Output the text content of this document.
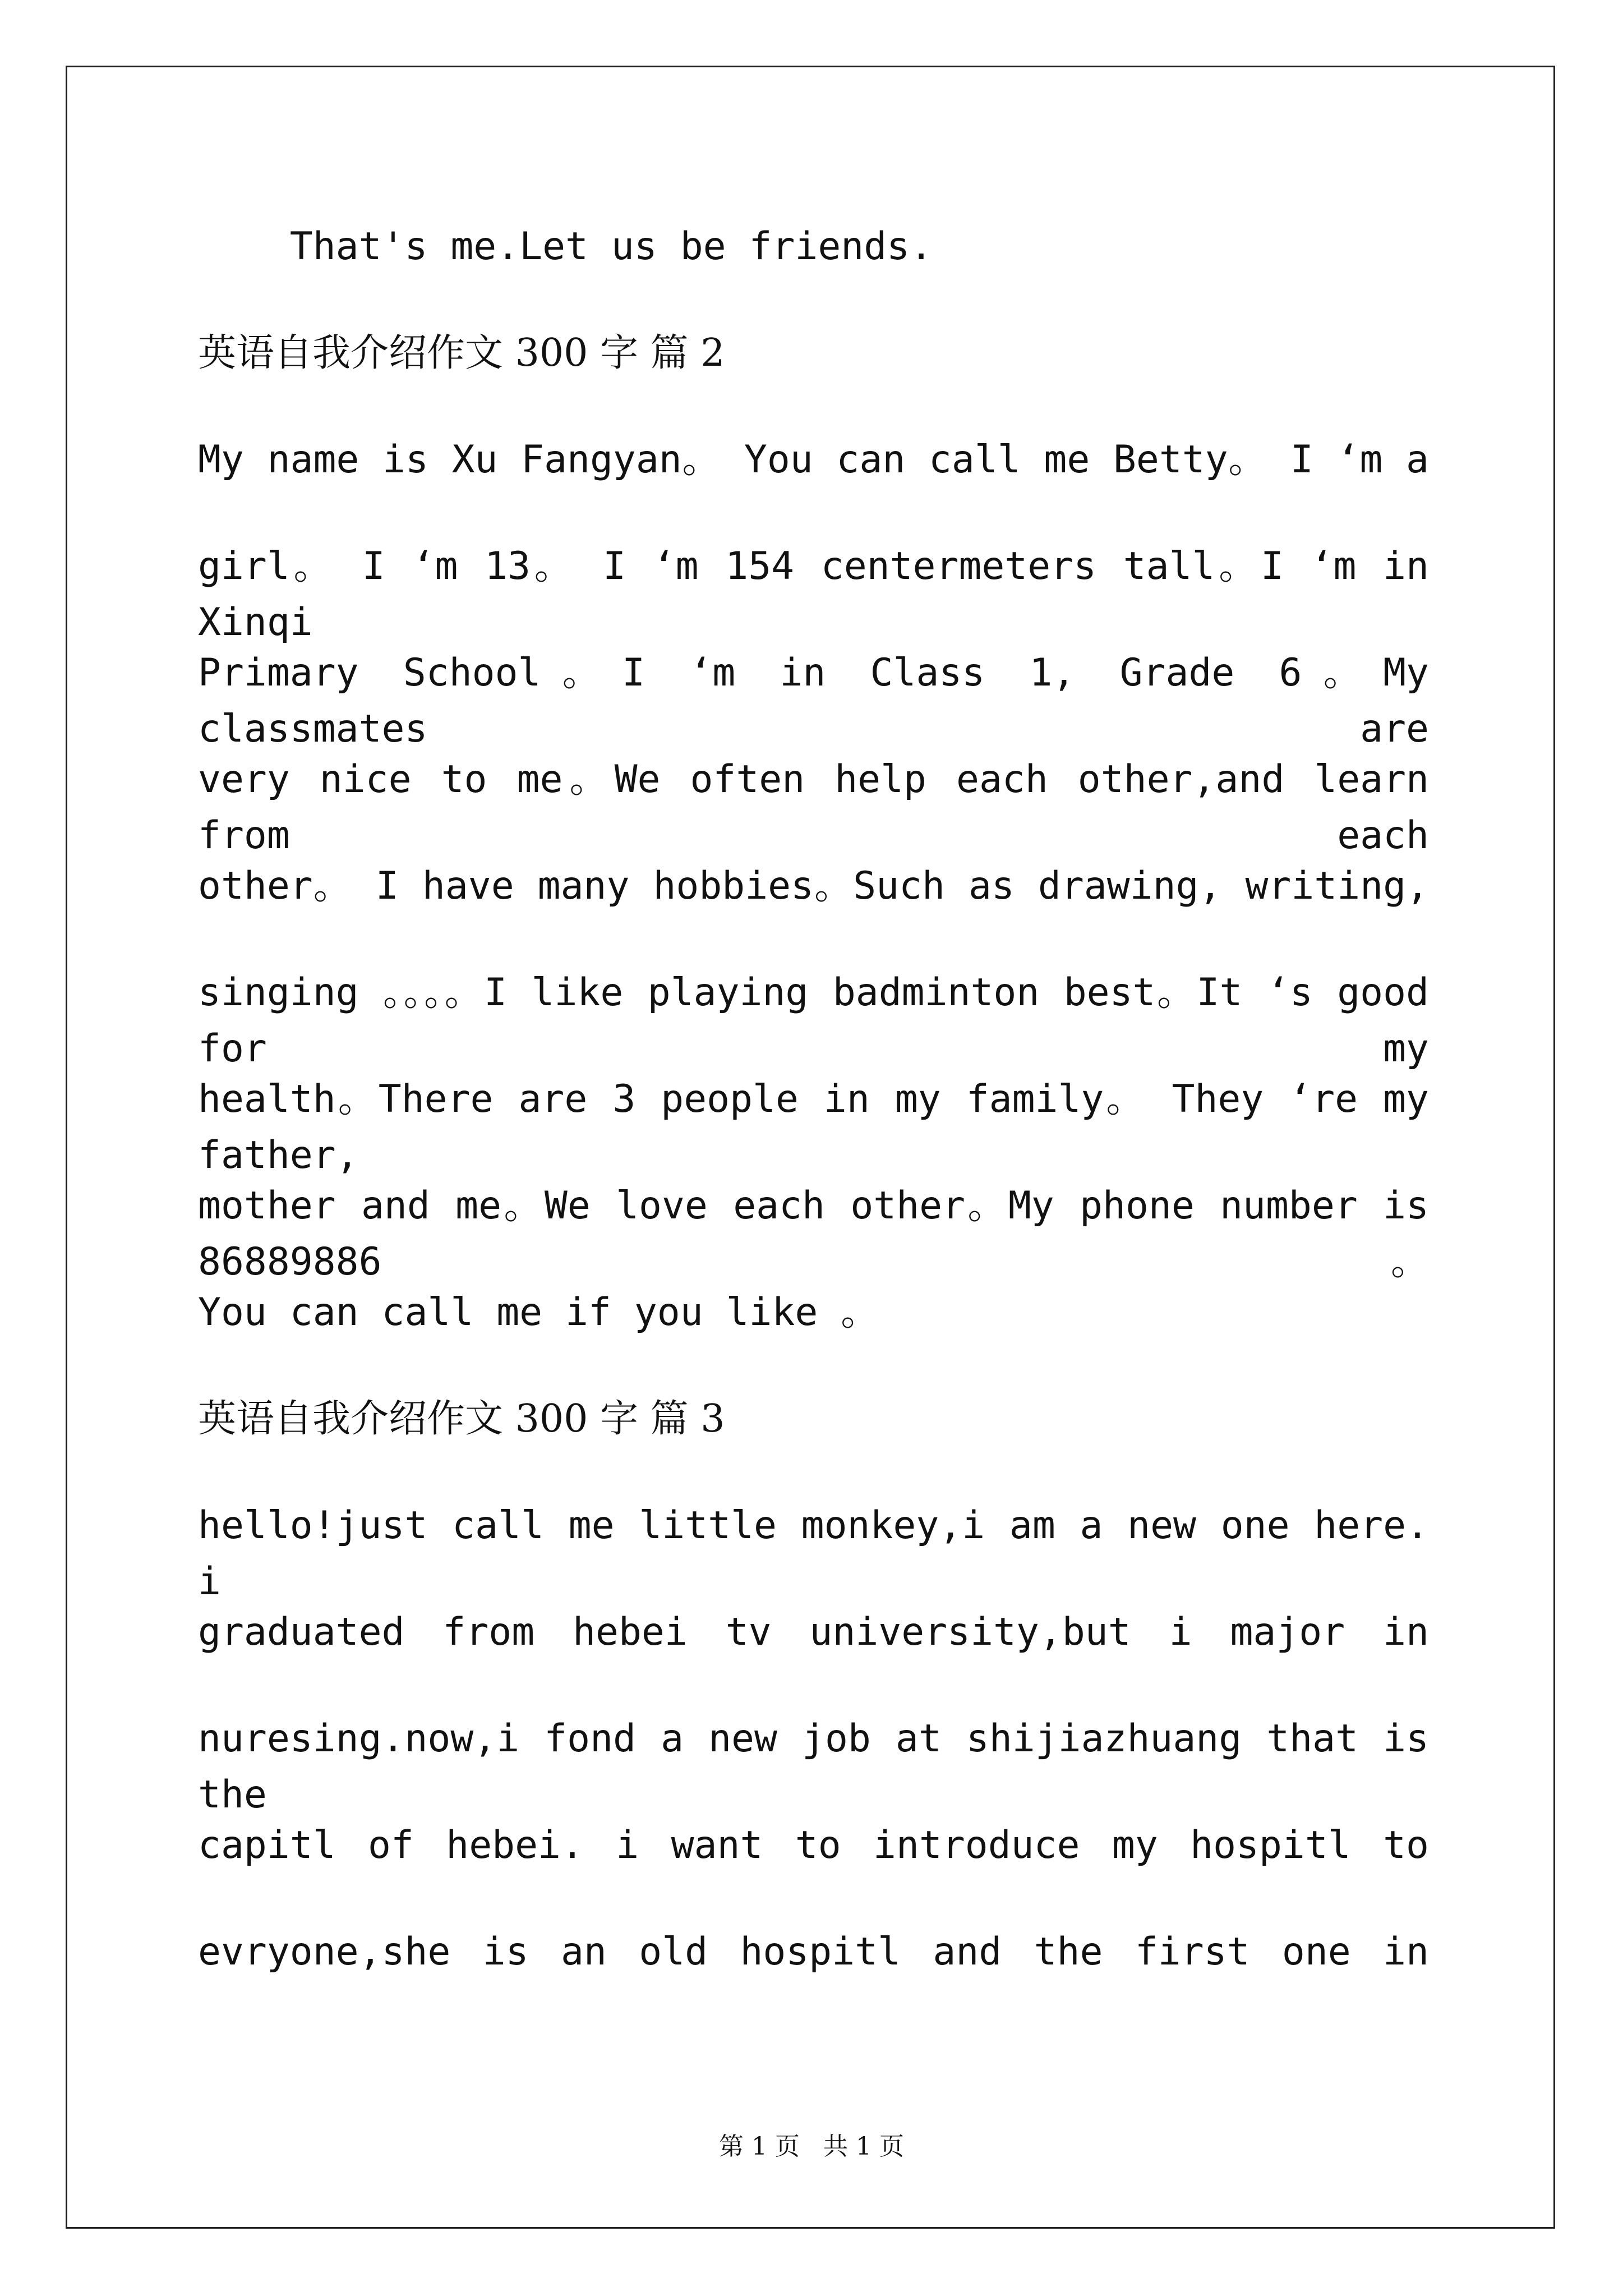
That's me.Let us be friends.
英语自我介绍作文 300 字 篇 2
My name is Xu Fangyan。 You can call me Betty。 I ‘m a
girl。 I ‘m 13。 I ‘m 154 centermeters tall。I ‘m in Xinqi
Primary School。I ‘m in Class 1, Grade 6。My classmates are
very nice to me。We often help each other,and learn from each
other。 I have many hobbies。Such as drawing, writing,
singing 。。。。I like playing badminton best。It ‘s good for my
health。There are 3 people in my family。 They ‘re my father,
mother and me。We love each other。My phone number is 86889886。
You can call me if you like 。
英语自我介绍作文 300 字 篇 3
hello!just call me little monkey,i am a new one here. i
graduated from hebei tv university,but i major in
nuresing.now,i fond a new job at shijiazhuang that is the
capitl of hebei. i want to introduce my hospitl to
evryone,she is an old hospitl and the first one in
第 1 页   共 1 页
